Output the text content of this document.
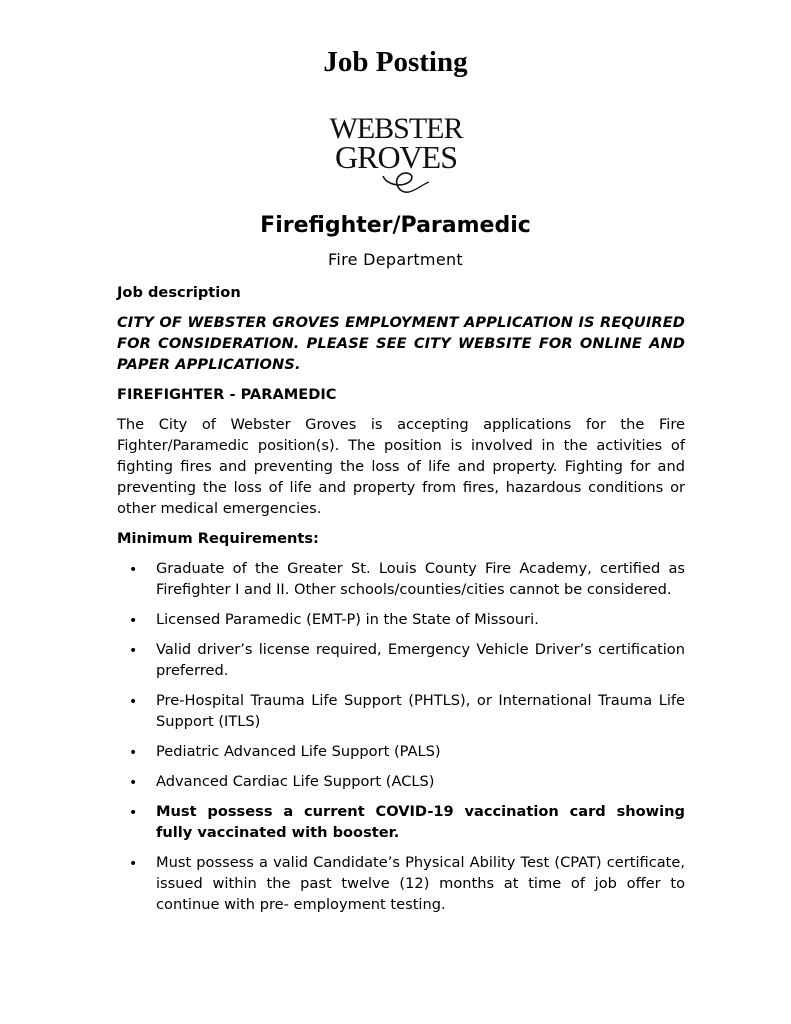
Job Posting
WEBSTER
GROVES
Firefighter/Paramedic
Fire Department
Job description
CITY OF WEBSTER GROVES EMPLOYMENT APPLICATION IS REQUIRED FOR CONSIDERATION. PLEASE SEE CITY WEBSITE FOR ONLINE AND PAPER APPLICATIONS.
FIREFIGHTER - PARAMEDIC
The City of Webster Groves is accepting applications for the Fire Fighter/Paramedic position(s). The position is involved in the activities of fighting fires and preventing the loss of life and property. Fighting for and preventing the loss of life and property from fires, hazardous conditions or other medical emergencies.
Minimum Requirements:
• Graduate of the Greater St. Louis County Fire Academy, certified as Firefighter I and II. Other schools/counties/cities cannot be considered.
• Licensed Paramedic (EMT-P) in the State of Missouri.
• Valid driver’s license required, Emergency Vehicle Driver’s certification preferred.
• Pre-Hospital Trauma Life Support (PHTLS), or International Trauma Life Support (ITLS)
• Pediatric Advanced Life Support (PALS)
• Advanced Cardiac Life Support (ACLS)
• Must possess a current COVID-19 vaccination card showing fully vaccinated with booster.
• Must possess a valid Candidate’s Physical Ability Test (CPAT) certificate, issued within the past twelve (12) months at time of job offer to continue with pre- employment testing.
